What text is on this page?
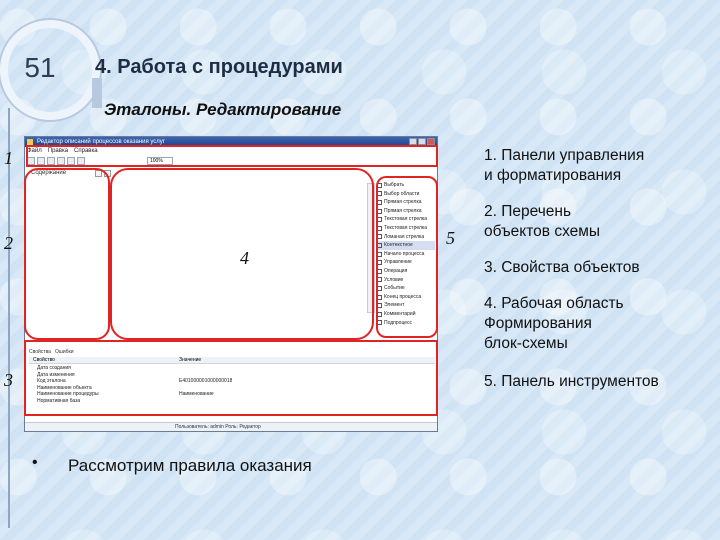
51 4. Работа с процедурами
Эталоны. Редактирование
Редактор описаний процессов оказания услуг
Файл Правка Справка
100%
Содержание
Выбрать
Выбор области
Прямая стрелка
Прямая стрелка
Текстовая стрелка
Текстовая стрелка
Ломаная стрелка
Контекстное
Начало процесса
Управление
Операция
Условие
Событие
Конец процесса
Элемент
Комментарий
Подпроцесс
Свойства Ошибки
Свойство	Значение
Дата создания
Дата изменения
Код эталона	E401000001000000018
Наименование объекта
Наименование процедуры	Наименование
Нормативная база
Пользователь: admin Роль: Редактор
1
2
3
4
5
1. Панели управления
и форматирования
2. Перечень
объектов схемы
3. Свойства объектов
4. Рабочая область
Формирования
блок-схемы
5. Панель инструментов
• Рассмотрим правила оказания
